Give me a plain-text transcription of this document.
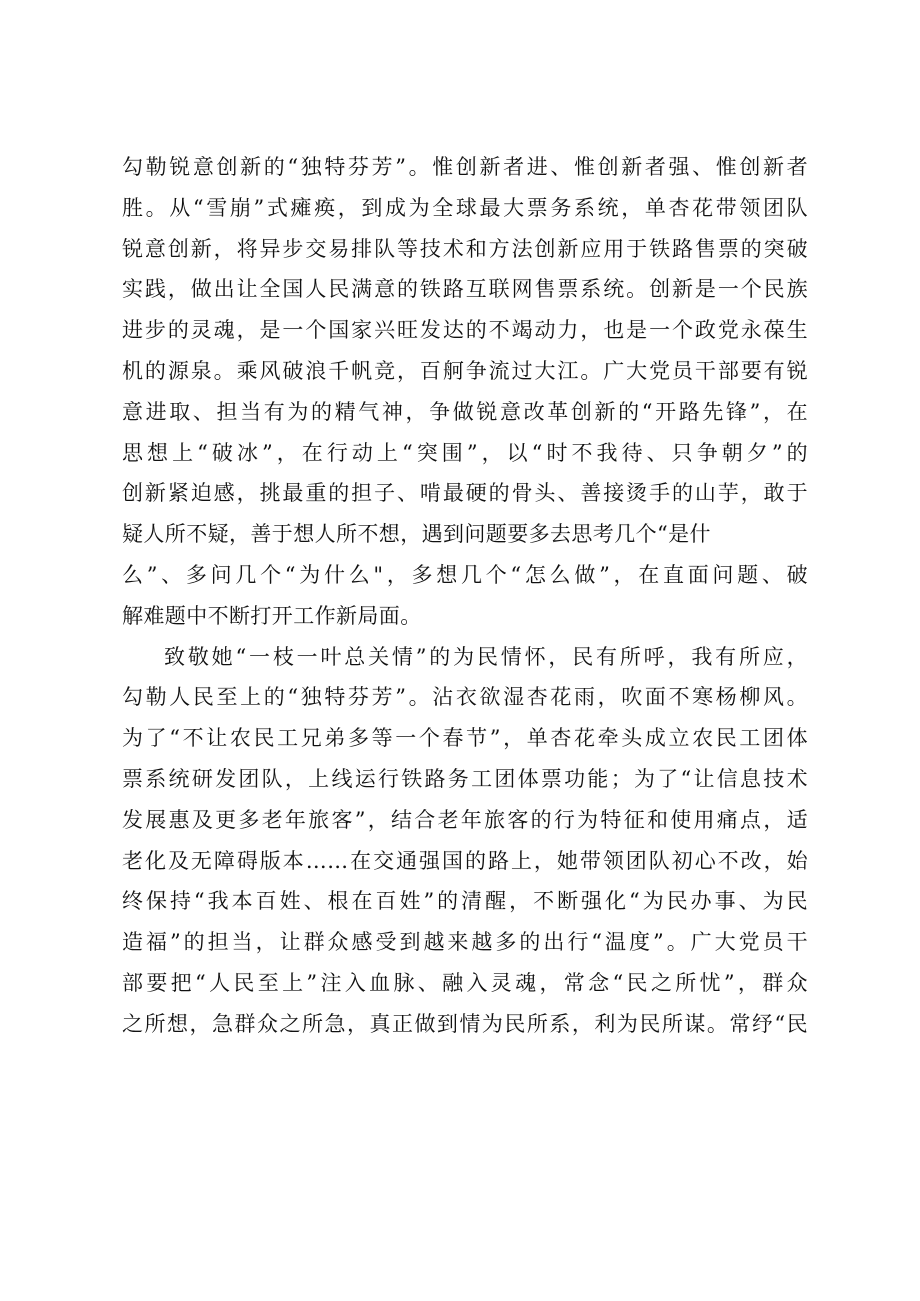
勾勒锐意创新的“独特芬芳”。惟创新者进、惟创新者强、惟创新者
胜。从“雪崩”式瘫痪，到成为全球最大票务系统，单杏花带领团队
锐意创新，将异步交易排队等技术和方法创新应用于铁路售票的突破
实践，做出让全国人民满意的铁路互联网售票系统。创新是一个民族
进步的灵魂，是一个国家兴旺发达的不竭动力，也是一个政党永葆生
机的源泉。乘风破浪千帆竞，百舸争流过大江。广大党员干部要有锐
意进取、担当有为的精气神，争做锐意改革创新的“开路先锋”，在
思想上“破冰”，在行动上“突围”，以“时不我待、只争朝夕”的
创新紧迫感，挑最重的担子、啃最硬的骨头、善接烫手的山芋，敢于
疑人所不疑，善于想人所不想，遇到问题要多去思考几个“是什
么”、多问几个“为什么"，多想几个“怎么做”，在直面问题、破
解难题中不断打开工作新局面。
致敬她“一枝一叶总关情”的为民情怀，民有所呼，我有所应，
勾勒人民至上的“独特芬芳”。沾衣欲湿杏花雨，吹面不寒杨柳风。
为了“不让农民工兄弟多等一个春节”，单杏花牵头成立农民工团体
票系统研发团队，上线运行铁路务工团体票功能；为了“让信息技术
发展惠及更多老年旅客”，结合老年旅客的行为特征和使用痛点，适
老化及无障碍版本……在交通强国的路上，她带领团队初心不改，始
终保持“我本百姓、根在百姓”的清醒，不断强化“为民办事、为民
造福”的担当，让群众感受到越来越多的出行“温度”。广大党员干
部要把“人民至上”注入血脉、融入灵魂，常念“民之所忧”，群众
之所想，急群众之所急，真正做到情为民所系，利为民所谋。常纾“民
